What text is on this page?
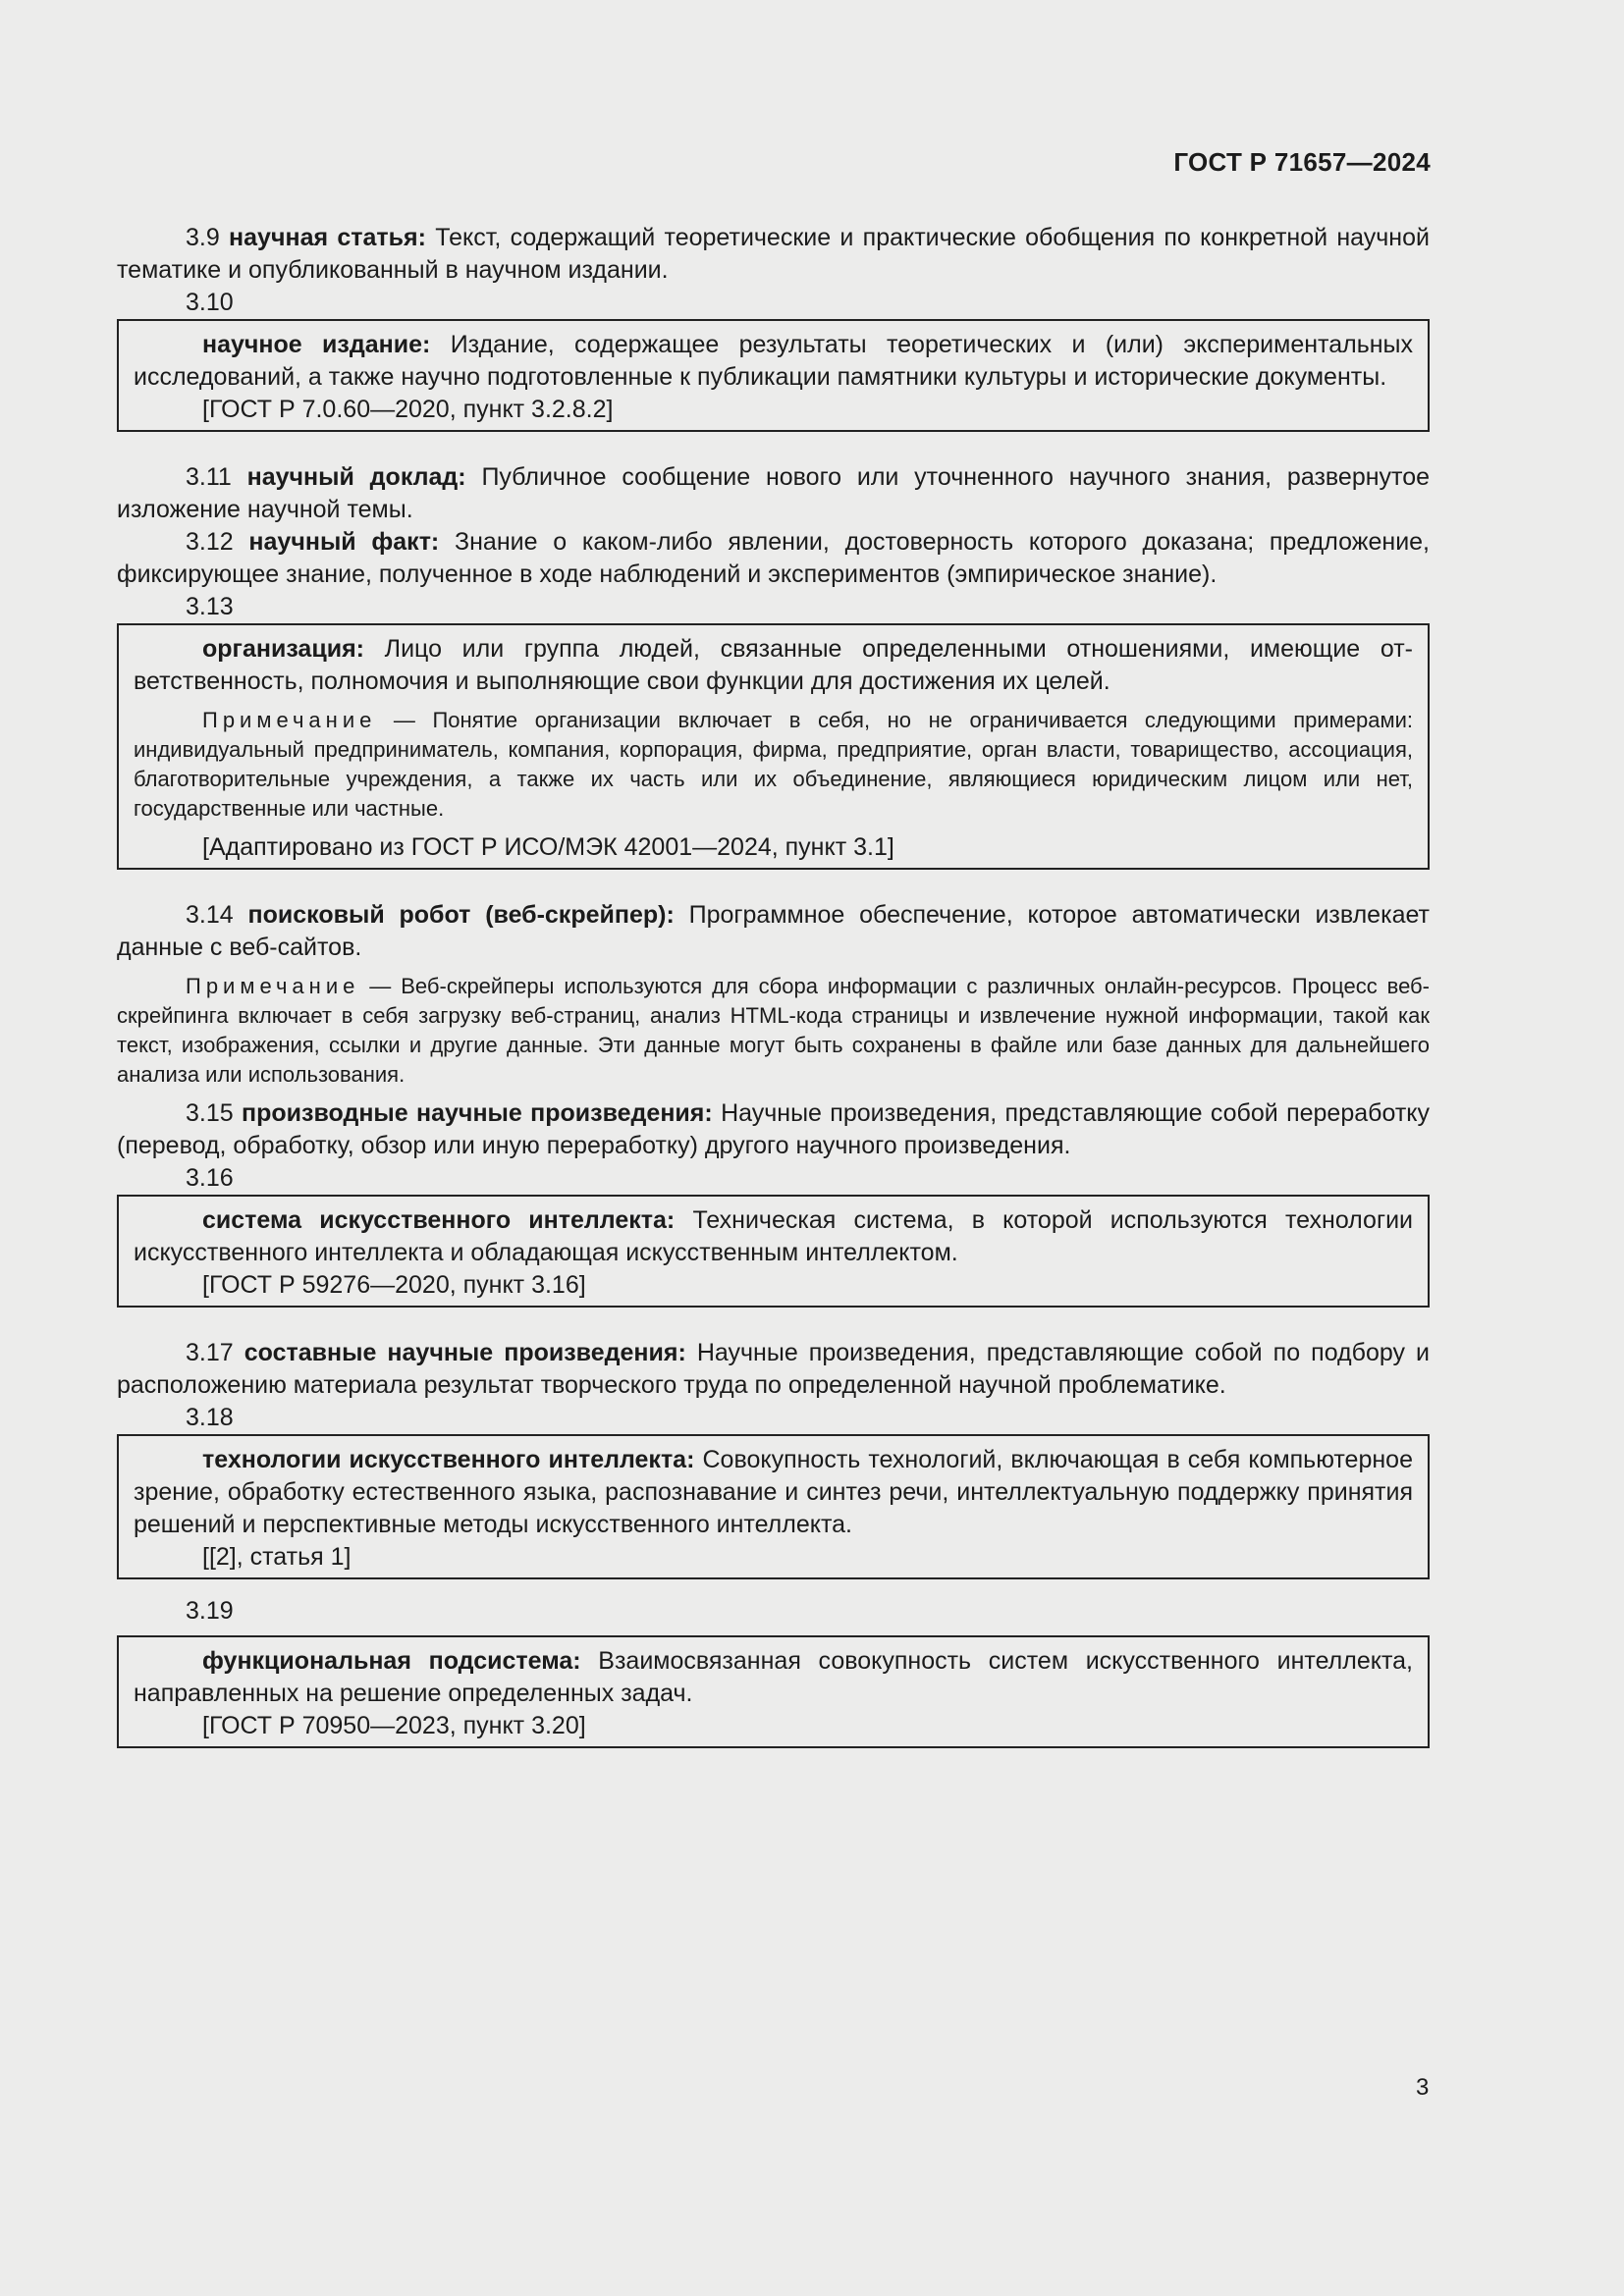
ГОСТ Р 71657—2024

3.9 научная статья: Текст, содержащий теоретические и практические обобщения по конкретной научной тематике и опубликованный в научном издании.

3.10

научное издание: Издание, содержащее результаты теоретических и (или) экспериментальных исследований, а также научно подготовленные к публикации памятники культуры и исторические документы.

[ГОСТ Р 7.0.60—2020, пункт 3.2.8.2]

3.11 научный доклад: Публичное сообщение нового или уточненного научного знания, развернутое изложение научной темы.

3.12 научный факт: Знание о каком-либо явлении, достоверность которого доказана; предложение, фиксирующее знание, полученное в ходе наблюдений и экспериментов (эмпирическое знание).

3.13

организация: Лицо или группа людей, связанные определенными отношениями, имеющие ответственность, полномочия и выполняющие свои функции для достижения их целей.

Примечание — Понятие организации включает в себя, но не ограничивается следующими примерами: индивидуальный предприниматель, компания, корпорация, фирма, предприятие, орган власти, товарищество, ассоциация, благотворительные учреждения, а также их часть или их объединение, являющиеся юридическим лицом или нет, государственные или частные.

[Адаптировано из ГОСТ Р ИСО/МЭК 42001—2024, пункт 3.1]

3.14 поисковый робот (веб-скрейпер): Программное обеспечение, которое автоматически извлекает данные с веб-сайтов.

Примечание — Веб-скрейперы используются для сбора информации с различных онлайн-ресурсов. Процесс веб-скрейпинга включает в себя загрузку веб-страниц, анализ HTML-кода страницы и извлечение нужной информации, такой как текст, изображения, ссылки и другие данные. Эти данные могут быть сохранены в файле или базе данных для дальнейшего анализа или использования.

3.15 производные научные произведения: Научные произведения, представляющие собой переработку (перевод, обработку, обзор или иную переработку) другого научного произведения.

3.16

система искусственного интеллекта: Техническая система, в которой используются технологии искусственного интеллекта и обладающая искусственным интеллектом.

[ГОСТ Р 59276—2020, пункт 3.16]

3.17 составные научные произведения: Научные произведения, представляющие собой по подбору и расположению материала результат творческого труда по определенной научной проблематике.

3.18

технологии искусственного интеллекта: Совокупность технологий, включающая в себя компьютерное зрение, обработку естественного языка, распознавание и синтез речи, интеллектуальную поддержку принятия решений и перспективные методы искусственного интеллекта.

[[2], статья 1]

3.19

функциональная подсистема: Взаимосвязанная совокупность систем искусственного интеллекта, направленных на решение определенных задач.

[ГОСТ Р 70950—2023, пункт 3.20]

3
